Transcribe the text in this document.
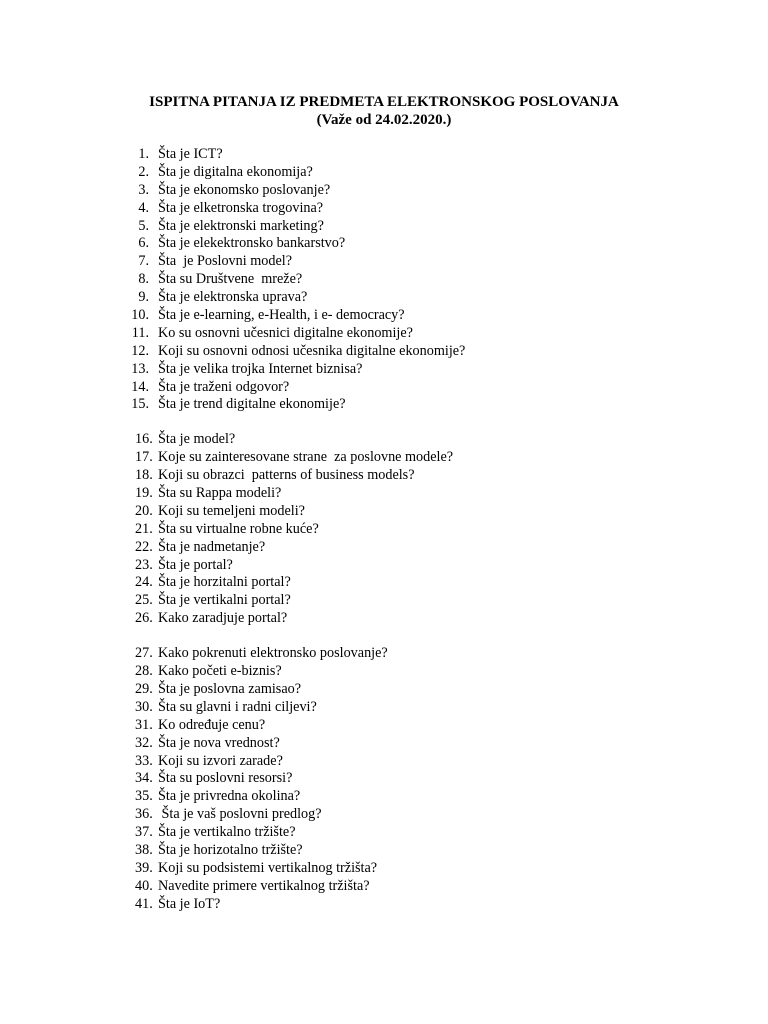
ISPITNA PITANJA IZ PREDMETA ELEKTRONSKOG POSLOVANJA
(Važe od 24.02.2020.)
1. Šta je ICT?
2. Šta je digitalna ekonomija?
3. Šta je ekonomsko poslovanje?
4. Šta je elketronska trogovina?
5. Šta je elektronski marketing?
6. Šta je elekektronsko bankarstvo?
7. Šta  je Poslovni model?
8. Šta su Društvene  mreže?
9. Šta je elektronska uprava?
10. Šta je e-learning, e-Health, i e- democracy?
11. Ko su osnovni učesnici digitalne ekonomije?
12. Koji su osnovni odnosi učesnika digitalne ekonomije?
13. Šta je velika trojka Internet biznisa?
14. Šta je traženi odgovor?
15. Šta je trend digitalne ekonomije?
16. Šta je model?
17. Koje su zainteresovane strane  za poslovne modele?
18. Koji su obrazci  patterns of business models?
19. Šta su Rappa modeli?
20. Koji su temeljeni modeli?
21. Šta su virtualne robne kuće?
22. Šta je nadmetanje?
23. Šta je portal?
24. Šta je horzitalni portal?
25. Šta je vertikalni portal?
26. Kako zaradjuje portal?
27. Kako pokrenuti elektronsko poslovanje?
28. Kako početi e-biznis?
29. Šta je poslovna zamisao?
30. Šta su glavni i radni ciljevi?
31. Ko određuje cenu?
32. Šta je nova vrednost?
33. Koji su izvori zarade?
34. Šta su poslovni resorsi?
35. Šta je privredna okolina?
36. Šta je vaš poslovni predlog?
37. Šta je vertikalno tržište?
38. Šta je horizotalno tržište?
39. Koji su podsistemi vertikalnog tržišta?
40. Navedite primere vertikalnog tržišta?
41. Šta je IoT?
